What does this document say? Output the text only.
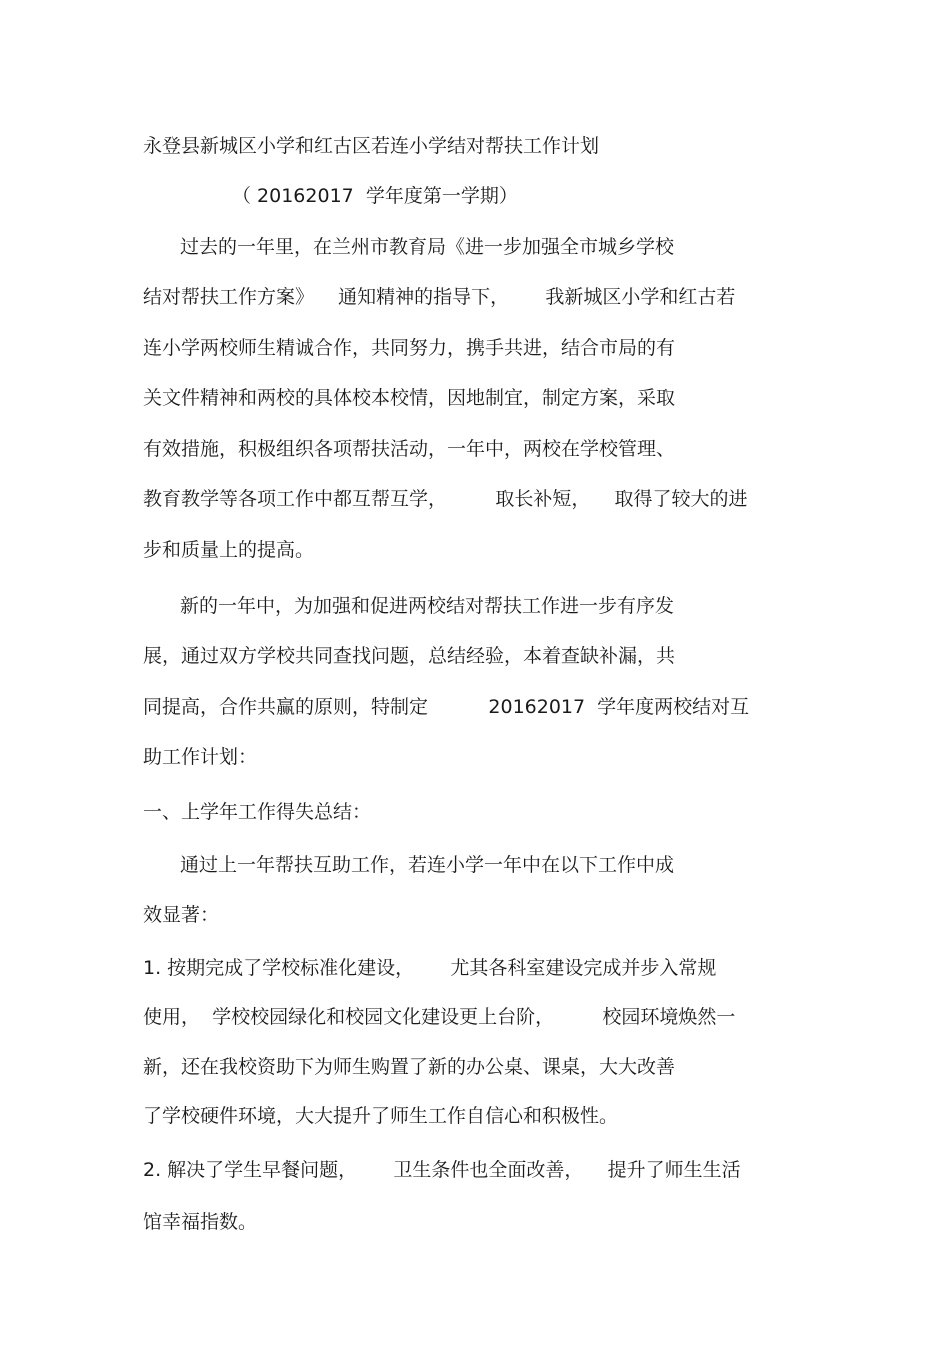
永登县新城区小学和红古区若连小学结对帮扶工作计划
（ 20162017  学年度第一学期）
过去的一年里，在兰州市教育局《进一步加强全市城乡学校
结对帮扶工作方案》    通知精神的指导下，      我新城区小学和红古若
连小学两校师生精诚合作，共同努力，携手共进，结合市局的有
关文件精神和两校的具体校本校情，因地制宜，制定方案，采取
有效措施，积极组织各项帮扶活动，一年中，两校在学校管理、
教育教学等各项工作中都互帮互学，        取长补短，    取得了较大的进
步和质量上的提高。
新的一年中，为加强和促进两校结对帮扶工作进一步有序发
展，通过双方学校共同查找问题，总结经验，本着查缺补漏，共
同提高，合作共赢的原则，特制定          20162017  学年度两校结对互
助工作计划：
一、上学年工作得失总结：
通过上一年帮扶互助工作，若连小学一年中在以下工作中成
效显著：
1. 按期完成了学校标准化建设，      尤其各科室建设完成并步入常规
使用，  学校校园绿化和校园文化建设更上台阶，        校园环境焕然一
新，还在我校资助下为师生购置了新的办公桌、课桌，大大改善
了学校硬件环境，大大提升了师生工作自信心和积极性。
2. 解决了学生早餐问题，      卫生条件也全面改善，    提升了师生生活
馆幸福指数。
